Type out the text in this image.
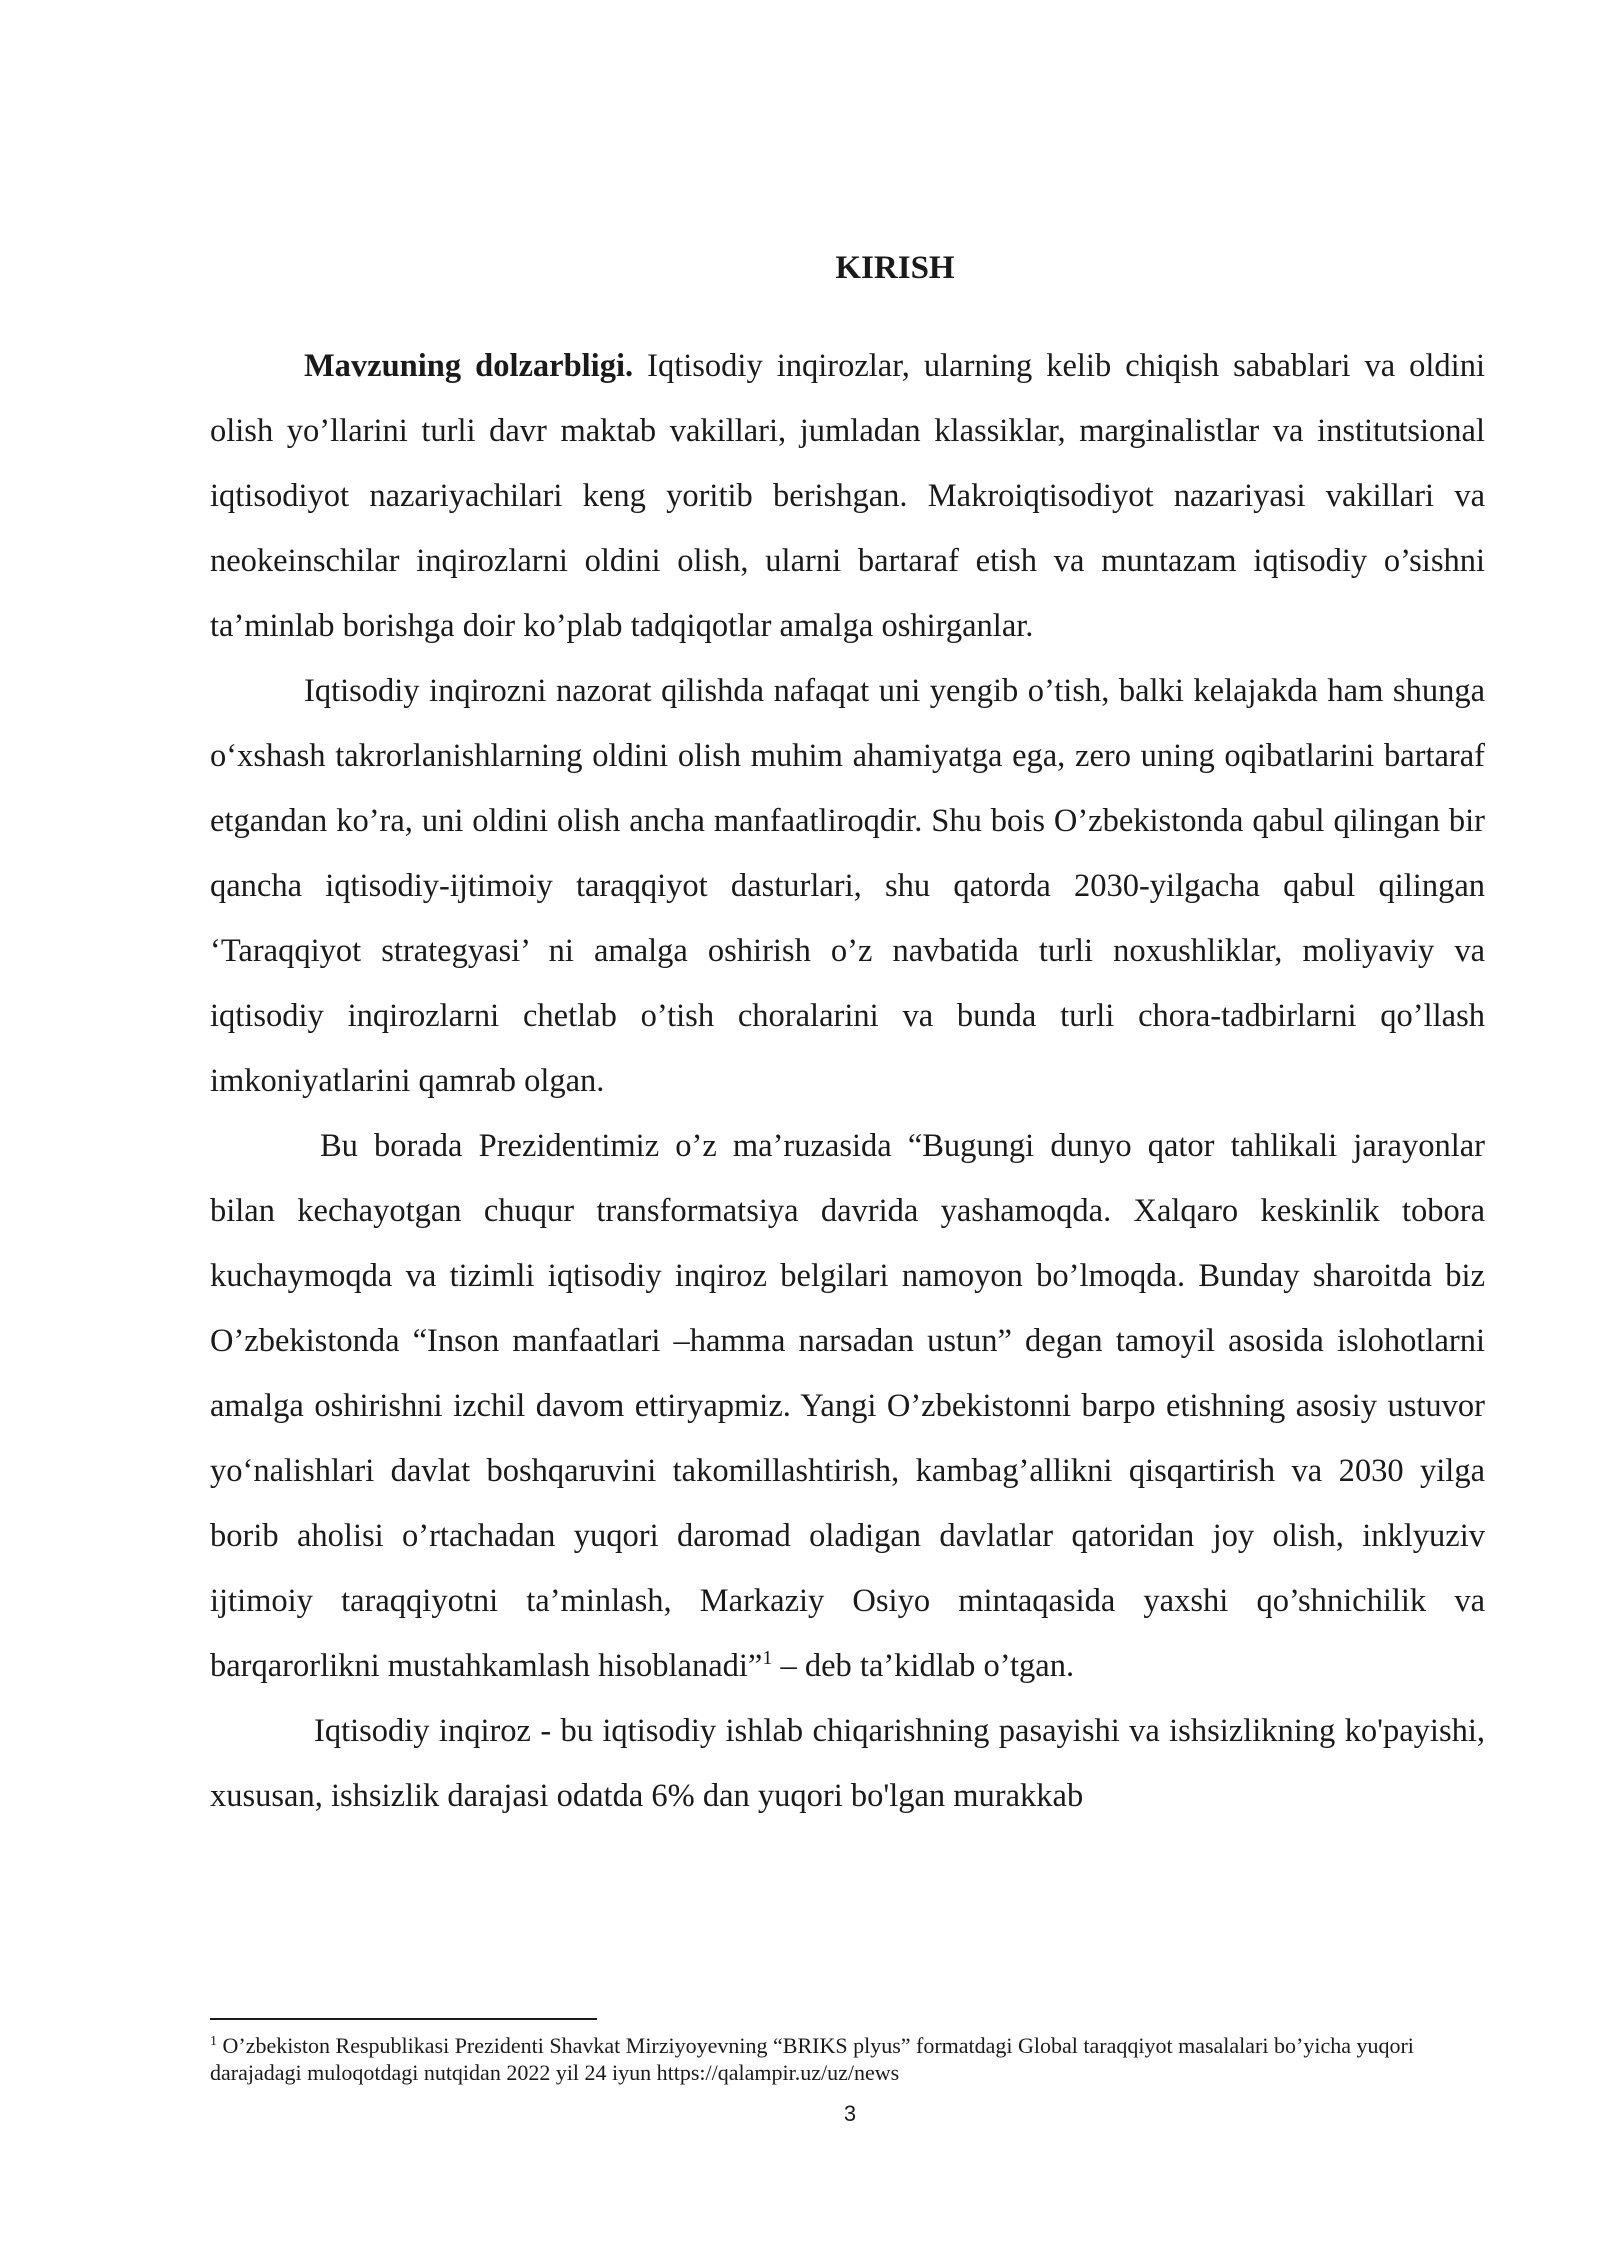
KIRISH

Mavzuning dolzarbligi. Iqtisodiy inqirozlar, ularning kelib chiqish sabablari va oldini olish yo’llarini turli davr maktab vakillari, jumladan klassiklar, marginalistlar va institutsional iqtisodiyot nazariyachilari keng yoritib berishgan. Makroiqtisodiyot nazariyasi vakillari va neokeinschilar inqirozlarni oldini olish, ularni bartaraf etish va muntazam iqtisodiy o’sishni ta’minlab borishga doir ko’plab tadqiqotlar amalga oshirganlar.

Iqtisodiy inqirozni nazorat qilishda nafaqat uni yengib o’tish, balki kelajakda ham shunga oʻxshash takrorlanishlarning oldini olish muhim ahamiyatga ega, zero uning oqibatlarini bartaraf etgandan ko’ra, uni oldini olish ancha manfaatliroqdir. Shu bois O’zbekistonda qabul qilingan bir qancha iqtisodiy-ijtimoiy taraqqiyot dasturlari, shu qatorda 2030-yilgacha qabul qilingan ‘Taraqqiyot strategyasi’ ni amalga oshirish o’z navbatida turli noxushliklar, moliyaviy va iqtisodiy inqirozlarni chetlab o’tish choralarini va bunda turli chora-tadbirlarni qo’llash imkoniyatlarini qamrab olgan.

Bu borada Prezidentimiz o’z ma’ruzasida “Bugungi dunyo qator tahlikali jarayonlar bilan kechayotgan chuqur transformatsiya davrida yashamoqda. Xalqaro keskinlik tobora kuchaymoqda va tizimli iqtisodiy inqiroz belgilari namoyon bo’lmoqda. Bunday sharoitda biz O’zbekistonda “Inson manfaatlari –hamma narsadan ustun” degan tamoyil asosida islohotlarni amalga oshirishni izchil davom ettiryapmiz. Yangi O’zbekistonni barpo etishning asosiy ustuvor yoʻnalishlari davlat boshqaruvini takomillashtirish, kambag’allikni qisqartirish va 2030 yilga borib aholisi o’rtachadan yuqori daromad oladigan davlatlar qatoridan joy olish, inklyuziv ijtimoiy taraqqiyotni ta’minlash, Markaziy Osiyo mintaqasida yaxshi qo’shnichilik va barqarorlikni mustahkamlash hisoblanadi”$^1$ – deb ta’kidlab o’tgan.

Iqtisodiy inqiroz - bu iqtisodiy ishlab chiqarishning pasayishi va ishsizlikning ko'payishi, xususan, ishsizlik darajasi odatda 6% dan yuqori bo'lgan murakkab

$^1$ O’zbekiston Respublikasi Prezidenti Shavkat Mirziyoyevning “BRIKS plyus” formatdagi Global taraqqiyot masalalari bo’yicha yuqori darajadagi muloqotdagi nutqidan 2022 yil 24 iyun https://qalampir.uz/uz/news

3
